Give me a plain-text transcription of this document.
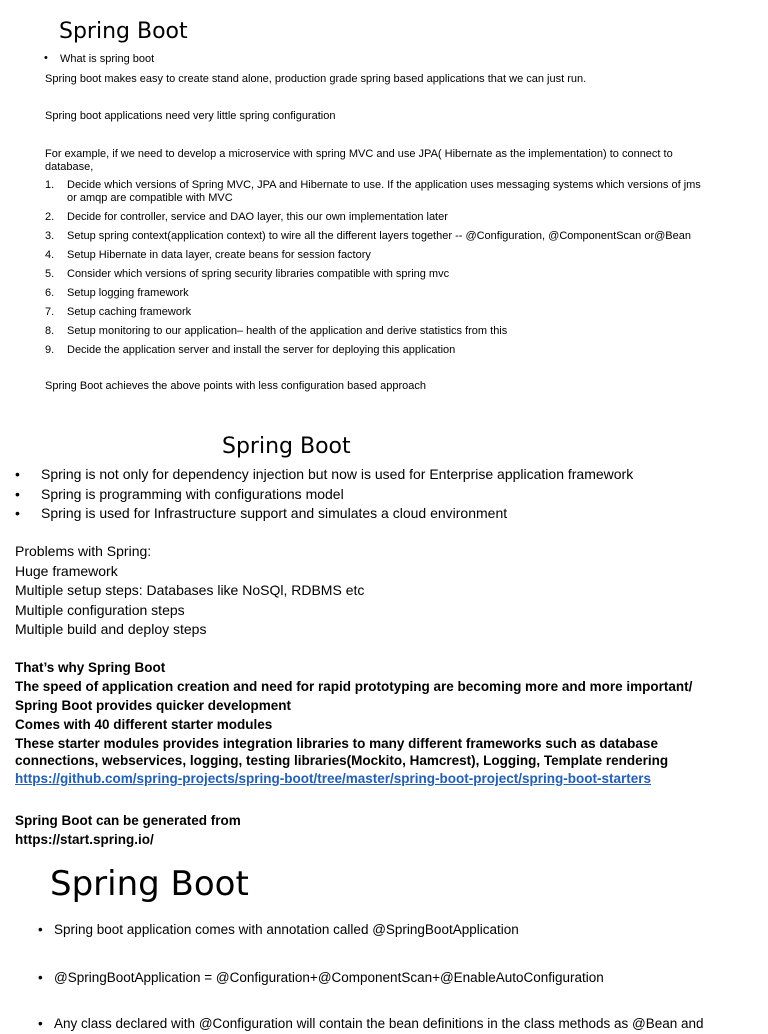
Spring Boot
• What is spring boot
Spring boot makes easy to create stand alone, production grade spring based applications that we can just run.
Spring boot applications need very little spring configuration
For example, if we need to develop a microservice with spring MVC and use JPA( Hibernate as the implementation) to connect to database,
1. Decide which versions of Spring MVC, JPA and Hibernate to use. If the application uses messaging systems which versions of jms or amqp are compatible with MVC
2. Decide for controller, service and DAO layer, this our own implementation later
3. Setup spring context(application context) to wire all the different layers together -- @Configuration, @ComponentScan or@Bean
4. Setup Hibernate in data layer, create beans for session factory
5. Consider which versions of spring security libraries compatible with spring mvc
6. Setup logging framework
7. Setup caching framework
8. Setup monitoring to our application– health of the application and derive statistics from this
9. Decide the application server and install the server for deploying this application
Spring Boot achieves the above points with less configuration based approach
Spring Boot
• Spring is not only for dependency injection but now is used for Enterprise application framework
• Spring is programming with configurations model
• Spring is used for Infrastructure support and simulates a cloud environment
Problems with Spring:
Huge framework
Multiple setup steps: Databases like NoSQl, RDBMS etc
Multiple configuration steps
Multiple build and deploy steps
That’s why Spring Boot
The speed of application creation and need for rapid prototyping are becoming more and more important/
Spring Boot provides quicker development
Comes with 40 different starter modules
These starter modules provides integration libraries to many different frameworks such as database connections, webservices, logging, testing libraries(Mockito, Hamcrest), Logging, Template rendering
https://github.com/spring-projects/spring-boot/tree/master/spring-boot-project/spring-boot-starters
Spring Boot can be generated from
https://start.spring.io/
Spring Boot
• Spring boot application comes with annotation called @SpringBootApplication
• @SpringBootApplication = @Configuration+@ComponentScan+@EnableAutoConfiguration
• Any class declared with @Configuration will contain the bean definitions in the class methods as @Bean and
